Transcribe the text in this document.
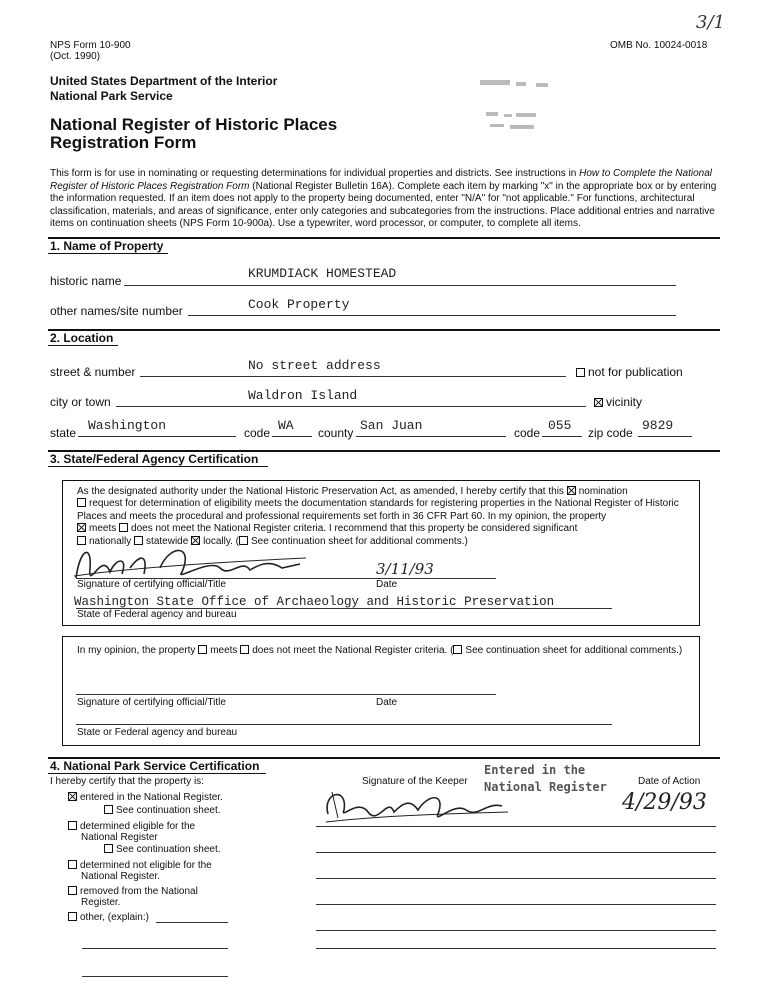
NPS Form 10-900
(Oct. 1990)
OMB No. 10024-0018
3/1
United States Department of the Interior
National Park Service
National Register of Historic Places
Registration Form
This form is for use in nominating or requesting determinations for individual properties and districts. See instructions in How to Complete the National Register of Historic Places Registration Form (National Register Bulletin 16A). Complete each item by marking "x" in the appropriate box or by entering the information requested. If an item does not apply to the property being documented, enter "N/A" for "not applicable." For functions, architectural classification, materials, and areas of significance, enter only categories and subcategories from the instructions. Place additional entries and narrative items on continuation sheets (NPS Form 10-900a). Use a typewriter, word processor, or computer, to complete all items.
1. Name of Property
historic name	KRUMDIACK HOMESTEAD
other names/site number	Cook Property
2. Location
street & number	No street address	not for publication
city or town	Waldron Island	vicinity
state Washington	code WA county San Juan	code 055 zip code 9829
3. State/Federal Agency Certification
As the designated authority under the National Historic Preservation Act, as amended, I hereby certify that this nomination
request for determination of eligibility meets the documentation standards for registering properties in the National Register of Historic Places and meets the procedural and professional requirements set forth in 36 CFR Part 60. In my opinion, the property
meets does not meet the National Register criteria. I recommend that this property be considered significant
nationally statewide locally. ( See continuation sheet for additional comments.)
3/11/93
Signature of certifying official/Title	Date
Washington State Office of Archaeology and Historic Preservation
State of Federal agency and bureau
In my opinion, the property meets does not meet the National Register criteria. ( See continuation sheet for additional comments.)
Signature of certifying official/Title	Date
State or Federal agency and bureau
4. National Park Service Certification
I hereby certify that the property is:	Signature of the Keeper	Date of Action
Entered in the
National Register
4/29/93
entered in the National Register.
See continuation sheet.
determined eligible for the
National Register
See continuation sheet.
determined not eligible for the
National Register.
removed from the National
Register.
other, (explain:)
